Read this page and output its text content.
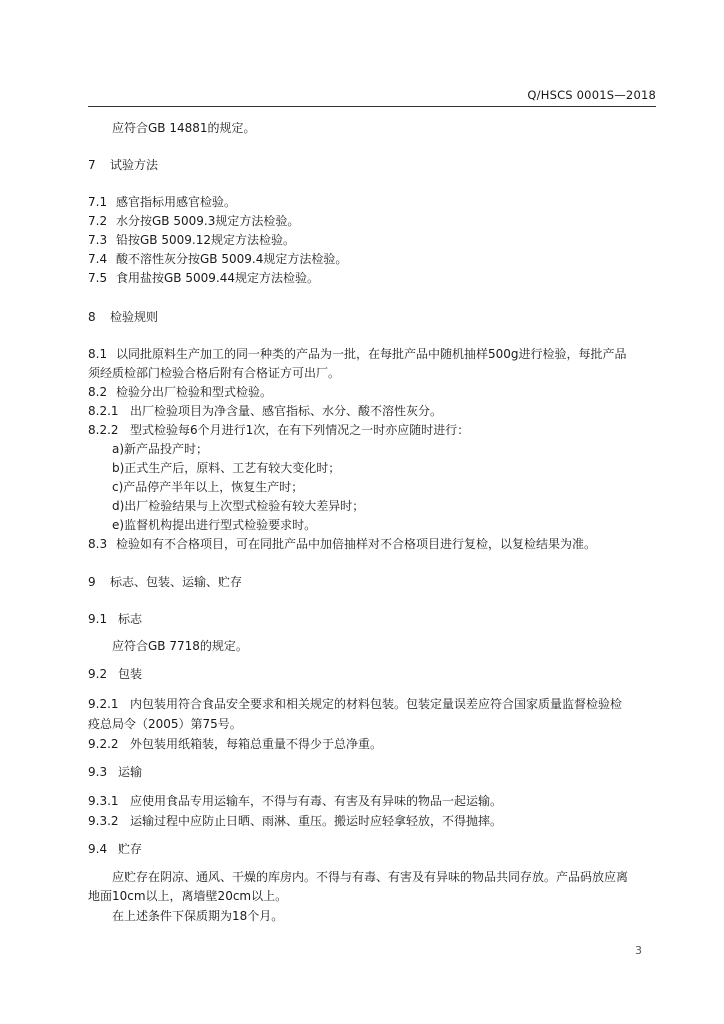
Q/HSCS 0001S—2018
应符合GB 14881的规定。
7 试验方法
7.1 感官指标用感官检验。
7.2 水分按GB 5009.3规定方法检验。
7.3 铅按GB 5009.12规定方法检验。
7.4 酸不溶性灰分按GB 5009.4规定方法检验。
7.5 食用盐按GB 5009.44规定方法检验。
8 检验规则
8.1 以同批原料生产加工的同一种类的产品为一批，在每批产品中随机抽样500g进行检验，每批产品
须经质检部门检验合格后附有合格证方可出厂。
8.2 检验分出厂检验和型式检验。
8.2.1 出厂检验项目为净含量、感官指标、水分、酸不溶性灰分。
8.2.2 型式检验每6个月进行1次，在有下列情况之一时亦应随时进行：
a)新产品投产时；
b)正式生产后，原料、工艺有较大变化时；
c)产品停产半年以上，恢复生产时；
d)出厂检验结果与上次型式检验有较大差异时；
e)监督机构提出进行型式检验要求时。
8.3 检验如有不合格项目，可在同批产品中加倍抽样对不合格项目进行复检，以复检结果为准。
9 标志、包装、运输、贮存
9.1 标志
应符合GB 7718的规定。
9.2 包装
9.2.1 内包装用符合食品安全要求和相关规定的材料包装。包装定量误差应符合国家质量监督检验检
疫总局令（2005）第75号。
9.2.2 外包装用纸箱装，每箱总重量不得少于总净重。
9.3 运输
9.3.1 应使用食品专用运输车，不得与有毒、有害及有异味的物品一起运输。
9.3.2 运输过程中应防止日晒、雨淋、重压。搬运时应轻拿轻放，不得抛摔。
9.4 贮存
应贮存在阴凉、通风、干燥的库房内。不得与有毒、有害及有异味的物品共同存放。产品码放应离
地面10cm以上，离墙壁20cm以上。
在上述条件下保质期为18个月。
3
